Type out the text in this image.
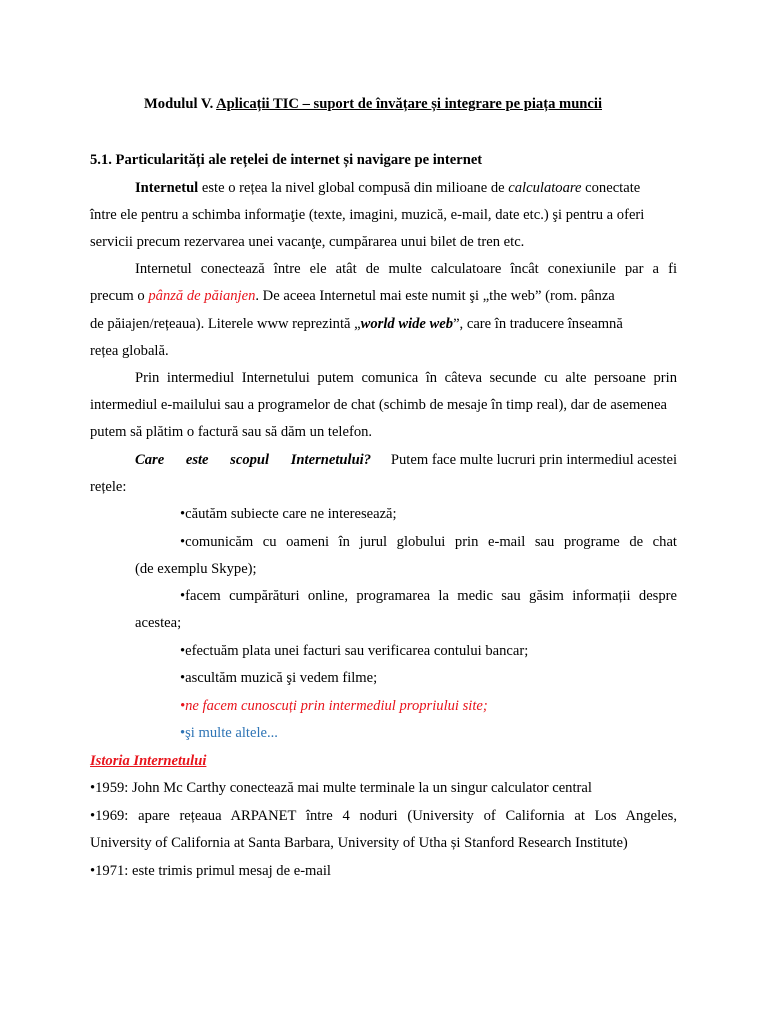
Modulul V. Aplicații TIC – suport de învățare și integrare pe piața muncii
5.1. Particularități ale rețelei de internet și navigare pe internet
Internetul este o rețea la nivel global compusă din milioane de calculatoare conectate
între ele pentru a schimba informaţie (texte, imagini, muzică, e-mail, date etc.) şi pentru a oferi
servicii precum rezervarea unei vacanţe, cumpărarea unui bilet de tren etc.
Internetul conectează între ele atât de multe calculatoare încât conexiunile par a fi
precum o pânză de păianjen. De aceea Internetul mai este numit şi „the web” (rom. pânza
de păiajen/rețeaua). Literele www reprezintă „world wide web”, care în traducere înseamnă
rețea globală.
Prin intermediul Internetului putem comunica în câteva secunde cu alte persoane prin
intermediul e-mailului sau a programelor de chat (schimb de mesaje în timp real), dar de asemenea
putem să plătim o factură sau să dăm un telefon.
Care este scopul Internetului? Putem face multe lucruri prin intermediul acestei
rețele:
•căutăm subiecte care ne interesează;
•comunicăm cu oameni în jurul globului prin e-mail sau programe de chat
(de exemplu Skype);
•facem cumpărături online, programarea la medic sau găsim informații despre
acestea;
•efectuăm plata unei facturi sau verificarea contului bancar;
•ascultăm muzică şi vedem filme;
•ne facem cunoscuți prin intermediul propriului site;
•şi multe altele...
Istoria Internetului
•1959: John Mc Carthy conectează mai multe terminale la un singur calculator central
•1969: apare rețeaua ARPANET între 4 noduri (University of California at Los Angeles,
University of California at Santa Barbara, University of Utha și Stanford Research Institute)
•1971: este trimis primul mesaj de e-mail
